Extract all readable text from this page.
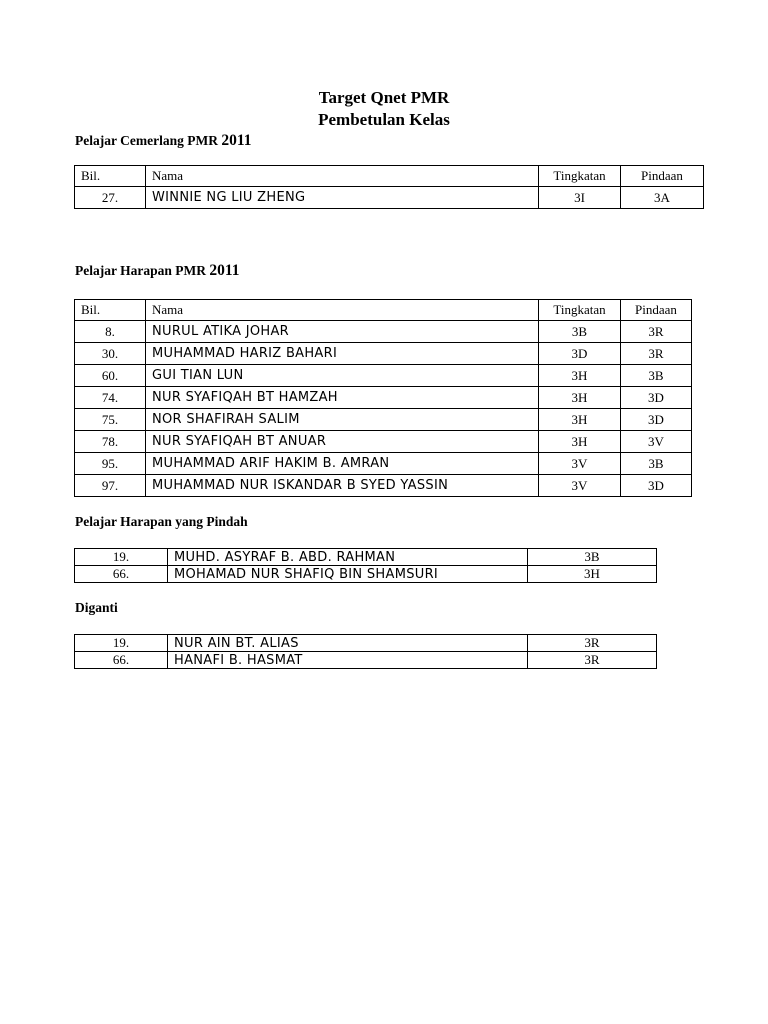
Target Qnet PMR
Pembetulan Kelas
Pelajar Cemerlang PMR 2011
Bil.	Nama	Tingkatan	Pindaan
27.	WINNIE NG LIU ZHENG	3I	3A
Pelajar Harapan PMR 2011
Bil.	Nama	Tingkatan	Pindaan
8.	NURUL ATIKA JOHAR	3B	3R
30.	MUHAMMAD HARIZ BAHARI	3D	3R
60.	GUI TIAN LUN	3H	3B
74.	NUR SYAFIQAH BT HAMZAH	3H	3D
75.	NOR SHAFIRAH SALIM	3H	3D
78.	NUR SYAFIQAH BT ANUAR	3H	3V
95.	MUHAMMAD ARIF HAKIM B. AMRAN	3V	3B
97.	MUHAMMAD NUR ISKANDAR B SYED YASSIN	3V	3D
Pelajar Harapan yang Pindah
19.	MUHD. ASYRAF B. ABD. RAHMAN	3B
66.	MOHAMAD NUR SHAFIQ BIN SHAMSURI	3H
Diganti
19.	NUR AIN BT. ALIAS	3R
66.	HANAFI B. HASMAT	3R
